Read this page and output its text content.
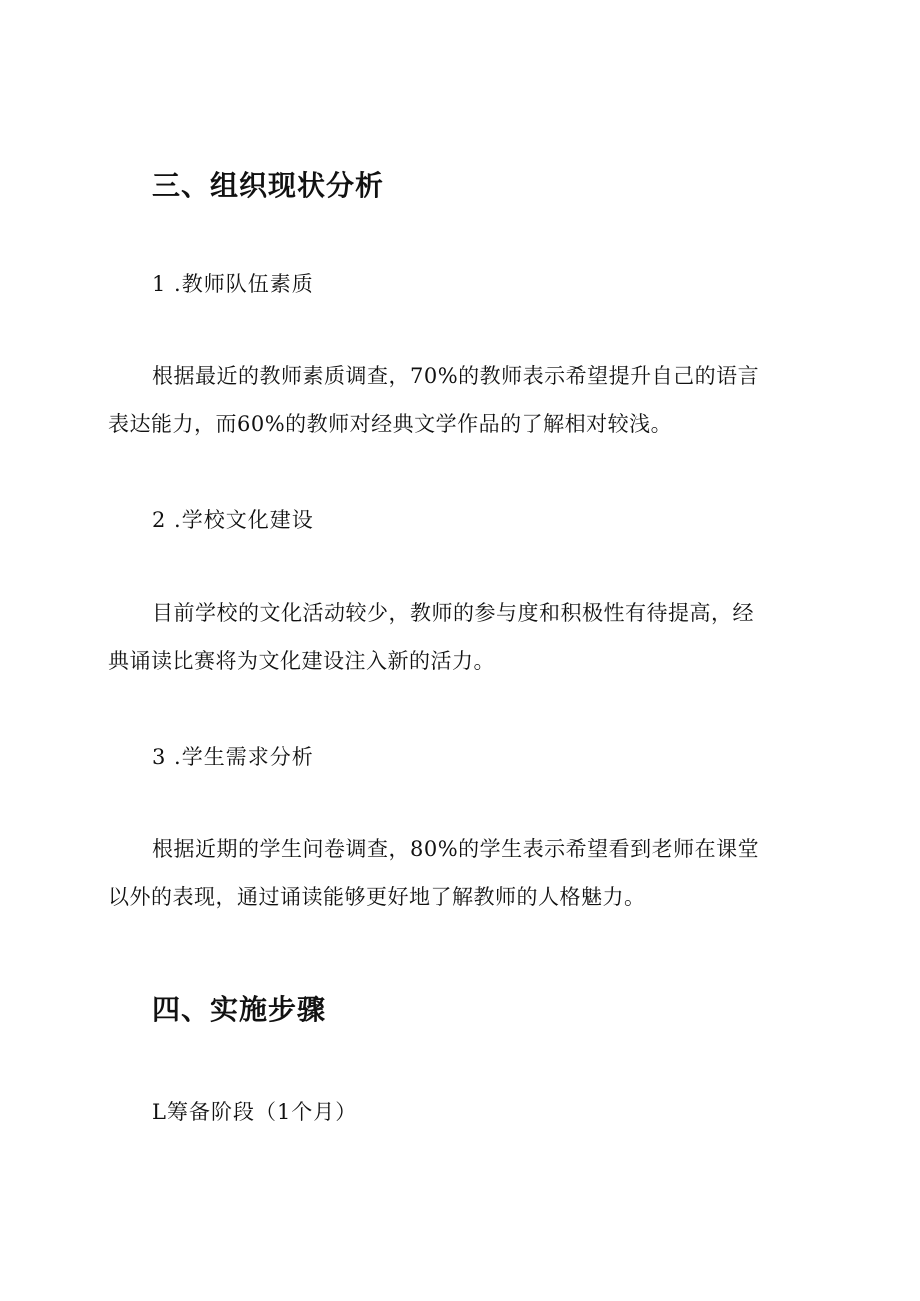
三、组织现状分析
1 .教师队伍素质
根据最近的教师素质调查，70%的教师表示希望提升自己的语言
表达能力，而60%的教师对经典文学作品的了解相对较浅。
2 .学校文化建设
目前学校的文化活动较少，教师的参与度和积极性有待提高，经
典诵读比赛将为文化建设注入新的活力。
3 .学生需求分析
根据近期的学生问卷调查，80%的学生表示希望看到老师在课堂
以外的表现，通过诵读能够更好地了解教师的人格魅力。
四、实施步骤
L筹备阶段（1个月）
